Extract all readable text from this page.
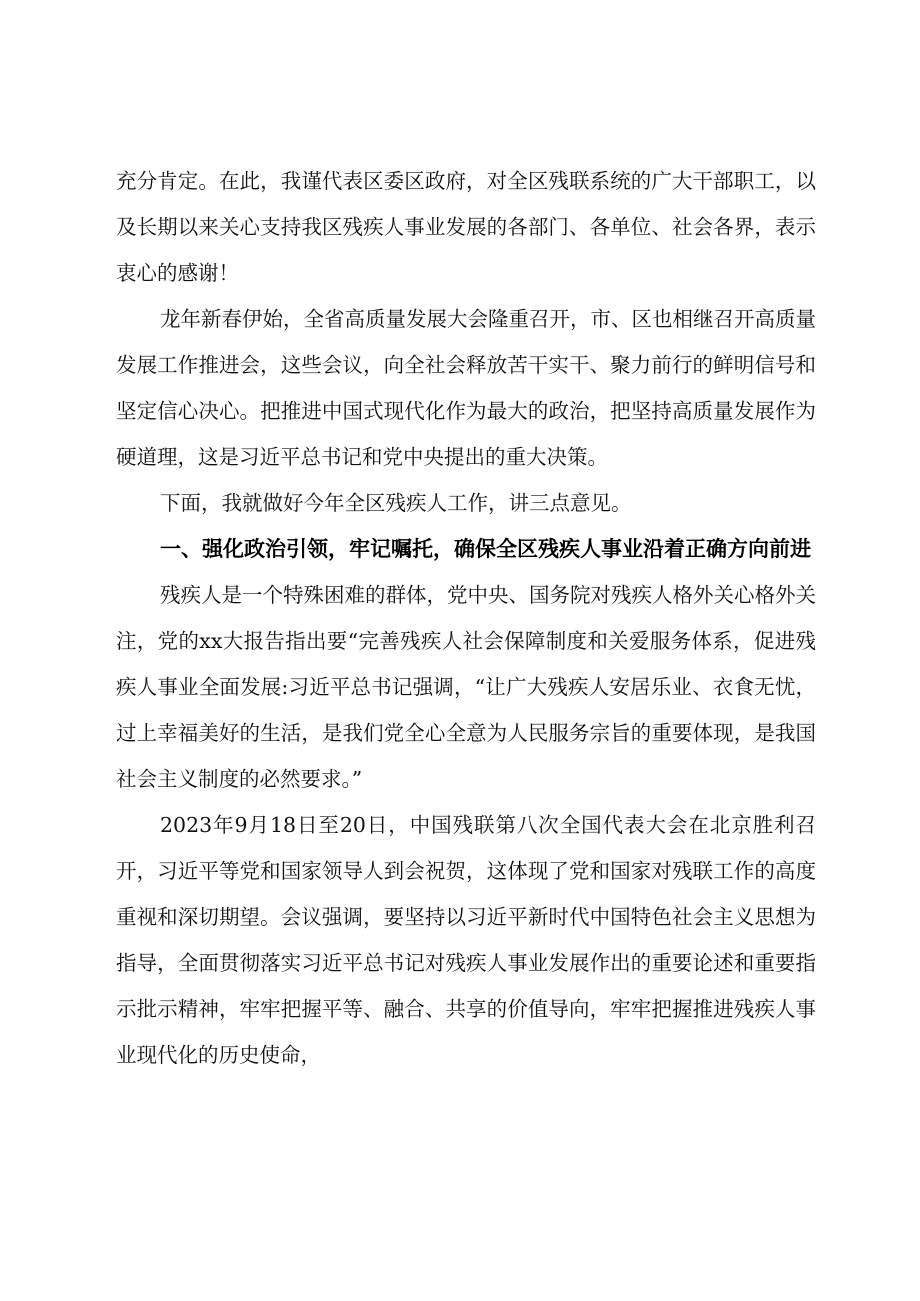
充分肯定。在此，我谨代表区委区政府，对全区残联系统的广大干部职工，以及长期以来关心支持我区残疾人事业发展的各部门、各单位、社会各界，表示衷心的感谢！

龙年新春伊始，全省高质量发展大会隆重召开，市、区也相继召开高质量发展工作推进会，这些会议，向全社会释放苦干实干、聚力前行的鲜明信号和坚定信心决心。把推进中国式现代化作为最大的政治，把坚持高质量发展作为硬道理，这是习近平总书记和党中央提出的重大决策。

下面，我就做好今年全区残疾人工作，讲三点意见。

一、强化政治引领，牢记嘱托，确保全区残疾人事业沿着正确方向前进

残疾人是一个特殊困难的群体，党中央、国务院对残疾人格外关心格外关注，党的xx大报告指出要“完善残疾人社会保障制度和关爱服务体系，促进残疾人事业全面发展:习近平总书记强调，“让广大残疾人安居乐业、衣食无忧，过上幸福美好的生活，是我们党全心全意为人民服务宗旨的重要体现，是我国社会主义制度的必然要求。”

2023年9月18日至20日，中国残联第八次全国代表大会在北京胜利召开，习近平等党和国家领导人到会祝贺，这体现了党和国家对残联工作的高度重视和深切期望。会议强调，要坚持以习近平新时代中国特色社会主义思想为指导，全面贯彻落实习近平总书记对残疾人事业发展作出的重要论述和重要指示批示精神，牢牢把握平等、融合、共享的价值导向，牢牢把握推进残疾人事业现代化的历史使命，
